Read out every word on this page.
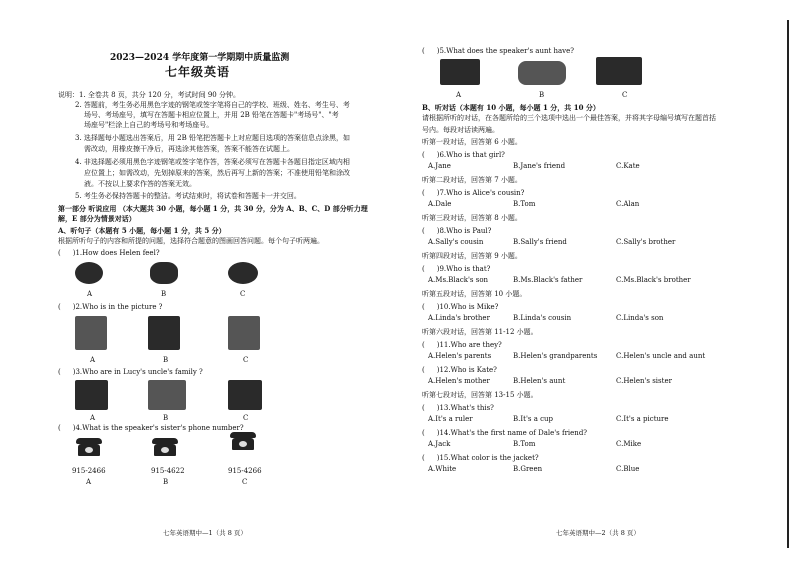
2023—2024 学年度第一学期期中质量监测
七年级英语
说明：1. 全卷共 8 页，共分 120 分，考试时间 90 分钟。
2. 答题前，考生务必用黑色字迹的钢笔或签字笔将自己的学校、班级、姓名、考生号、考
场号、考场座号，填写在答题卡相应位置上，并用 2B 铅笔在答题卡"考场号"、"考
场座号"栏涂上自己的考场号和考场座号。
3. 选择题每小题选出答案后，用 2B 铅笔把答题卡上对应题目选项的答案信息点涂黑，如
需改动，用橡皮擦干净后，再选涂其他答案，答案不能答在试题上。
4. 非选择题必须用黑色字迹钢笔或签字笔作答，答案必须写在答题卡各题目指定区域内相
应位置上；如需改动，先划掉原来的答案，然后再写上新的答案；不准使用铅笔和涂改
液。不按以上要求作答的答案无效。
5. 考生务必保持答题卡的整洁。考试结束时，将试卷和答题卡一并交回。
第一部分 听说应用 （本大题共 30 小题，每小题 1 分，共 30 分，分为 A、B、C、D 部分听力理
解，E 部分为情景对话）
A、听句子（本题有 5 小题，每小题 1 分，共 5 分）
根据所听句子的内容和所提的问题，选择符合题意的图画回答问题。每个句子听两遍。
( )1.How does Helen feel?
A	B	C
( )2.Who is in the picture ?
A	B	C
( )3.Who are in Lucy's uncle's family ?
A	B	C
( )4.What is the speaker's sister's phone number?
915-2466	915-4622	915-4266
A	B	C
七年英语期中—1（共 8 页）
( )5.What does the speaker's aunt have?
A	B	C
B、听对话（本题有 10 小题，每小题 1 分，共 10 分）
请根据所听的对话，在各题所给的三个选项中选出一个最佳答案，并将其字母编号填写在题首括
号内。每段对话读两遍。
听第一段对话，回答第 6 小题。
( )6.Who is that girl?
A.Jane	B.Jane's friend	C.Kate
听第二段对话，回答第 7 小题。
( )7.Who is Alice's cousin?
A.Dale	B.Tom	C.Alan
听第三段对话，回答第 8 小题。
( )8.Who is Paul?
A.Sally's cousin	B.Sally's friend	C.Sally's brother
听第四段对话，回答第 9 小题。
( )9.Who is that?
A.Ms.Black's son	B.Ms.Black's father	C.Ms.Black's brother
听第五段对话，回答第 10 小题。
( )10.Who is Mike?
A.Linda's brother	B.Linda's cousin	C.Linda's son
听第六段对话，回答第 11-12 小题。
( )11.Who are they?
A.Helen's parents	B.Helen's grandparents	C.Helen's uncle and aunt
( )12.Who is Kate?
A.Helen's mother	B.Helen's aunt	C.Helen's sister
听第七段对话，回答第 13-15 小题。
( )13.What's this?
A.It's a ruler	B.It's a cup	C.It's a picture
( )14.What's the first name of Dale's friend?
A.Jack	B.Tom	C.Mike
( )15.What color is the jacket?
A.White	B.Green	C.Blue
七年英语期中—2（共 8 页）
